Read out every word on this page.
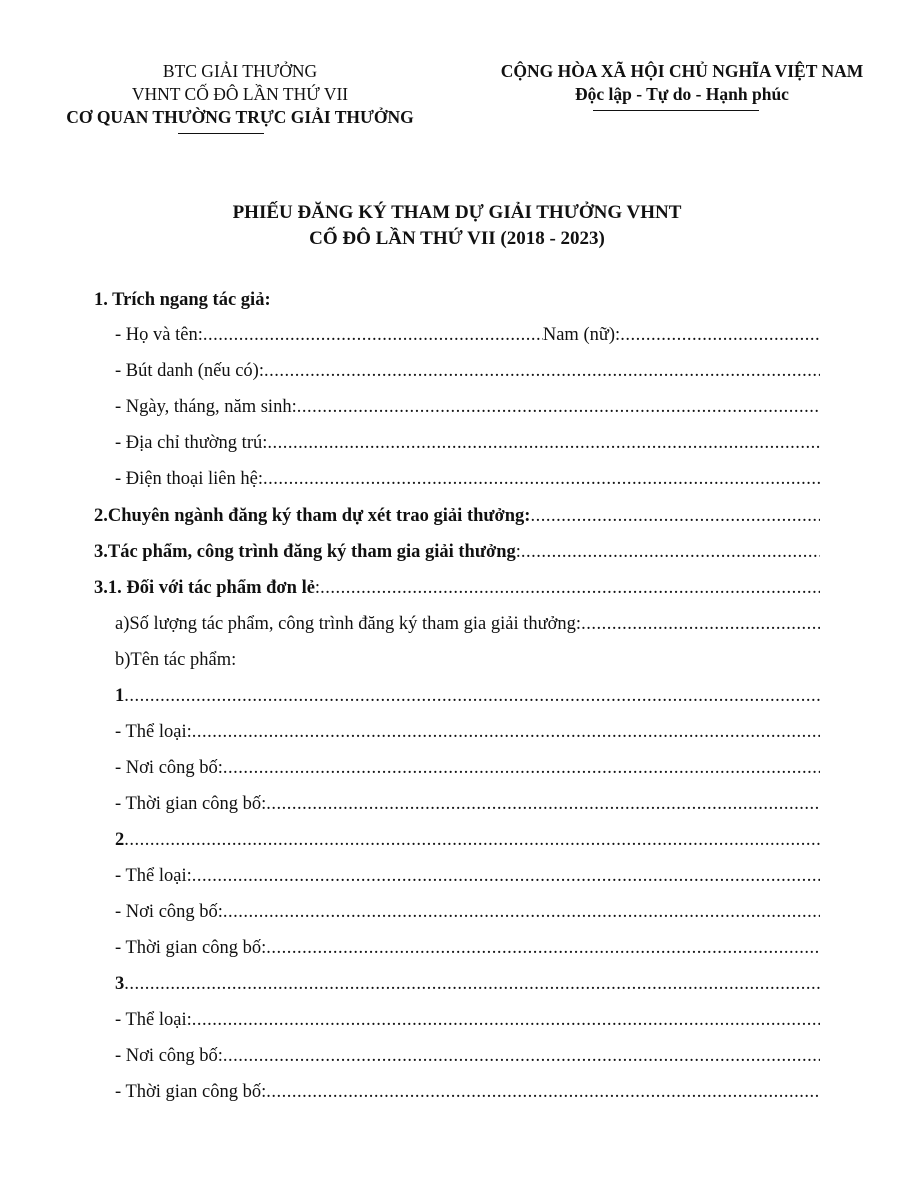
BTC GIẢI THƯỞNG
VHNT CỐ ĐÔ LẦN THỨ VII
CƠ QUAN THƯỜNG TRỰC GIẢI THƯỞNG
CỘNG HÒA XÃ HỘI CHỦ NGHĨA VIỆT NAM
Độc lập - Tự do - Hạnh phúc
PHIẾU ĐĂNG KÝ THAM DỰ GIẢI THƯỞNG VHNT
CỐ ĐÔ LẦN THỨ VII (2018 - 2023)
1. Trích ngang tác giả:
- Họ và tên:
.....	Nam (nữ):
.....
- Bút danh (nếu có):
.....
- Ngày, tháng, năm sinh:
.....
- Địa chỉ thường trú:
.....
- Điện thoại liên hệ:
.....
2.Chuyên ngành đăng ký tham dự xét trao giải thưởng:
.....
3.Tác phẩm, công trình đăng ký tham gia giải thưởng :
.....
3.1. Đối với tác phẩm đơn lẻ :
.....
a)Số lượng tác phẩm, công trình đăng ký tham gia giải thưởng:
.....
b)Tên tác phẩm:
1
.....
- Thể loại:
.....
- Nơi công bố:
.....
- Thời gian công bố:
.....
2
.....
- Thể loại:
.....
- Nơi công bố:
.....
- Thời gian công bố:
.....
3
.....
- Thể loại:
.....
- Nơi công bố:
.....
- Thời gian công bố:
.....
